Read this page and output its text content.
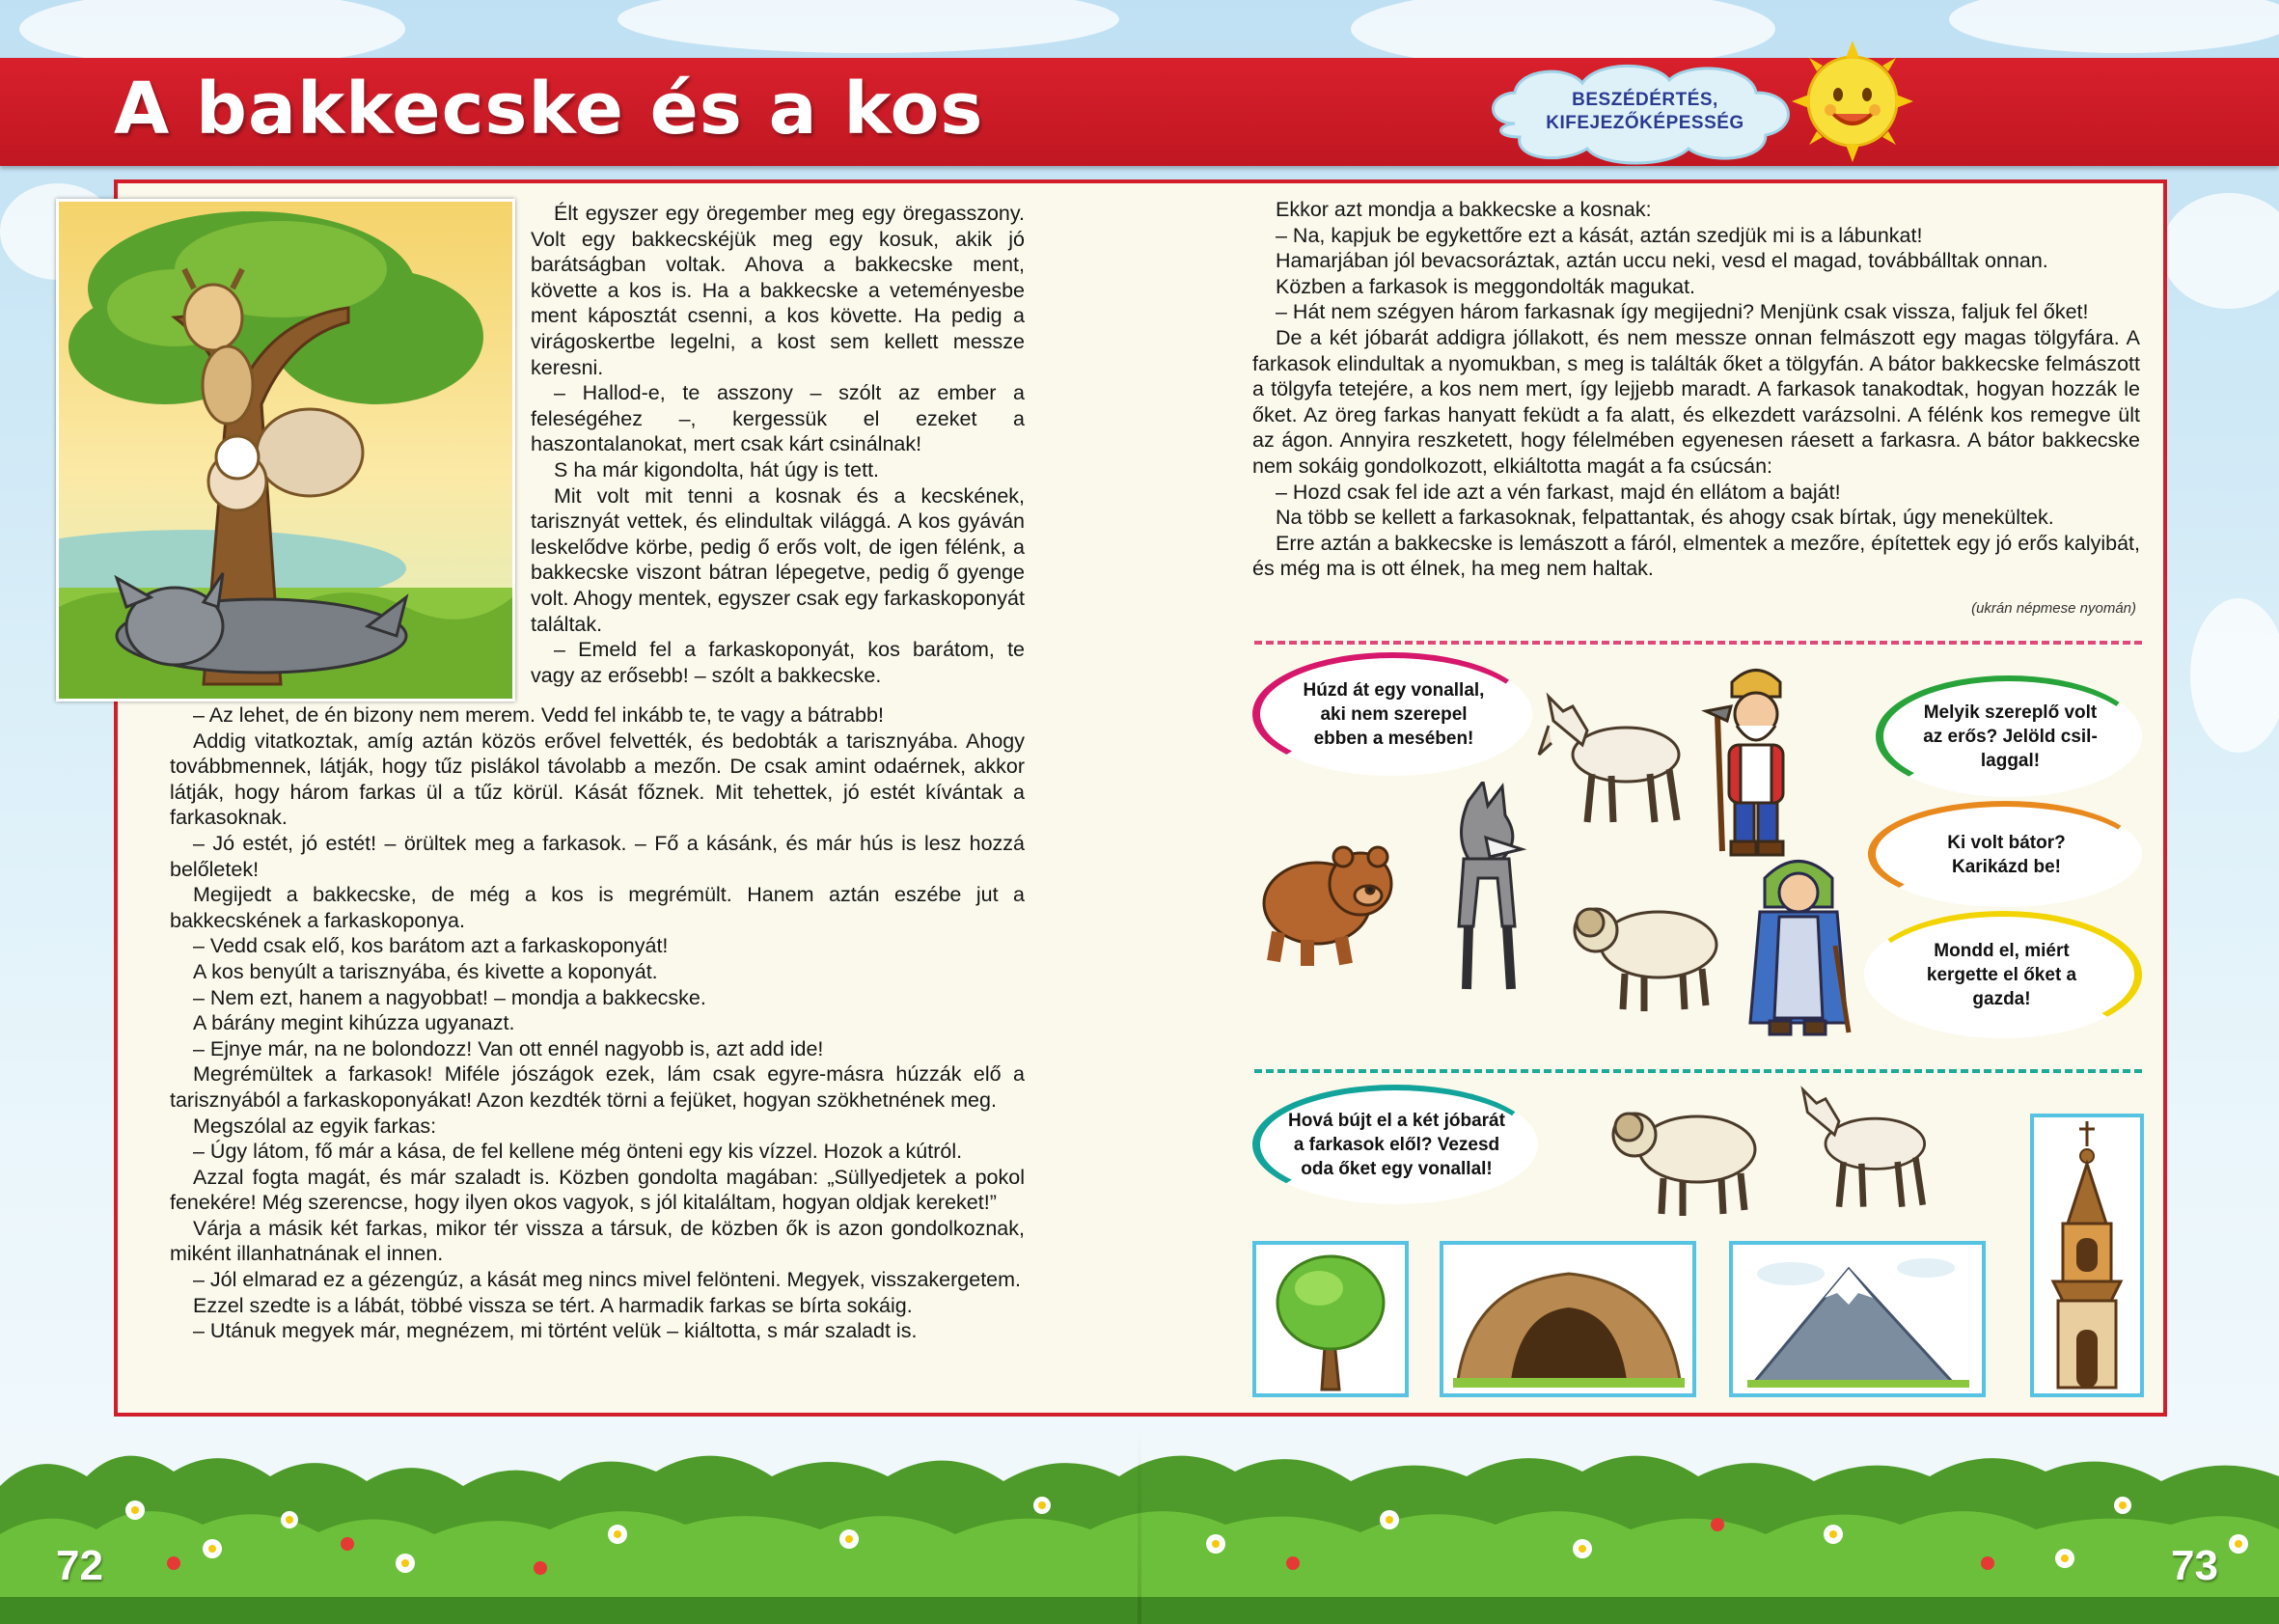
A bakkecske és a kos	BESZÉDÉRTÉS,
KIFEJEZŐKÉPESSÉG

Élt egyszer egy öregember meg egy öregasszony. Volt egy bakkecskéjük meg egy kosuk, akik jó barátságban voltak. Ahova a bakkecske ment, követte a kos is. Ha a bakkecske a veteményesbe ment káposztát csenni, a kos követte. Ha pedig a virágoskertbe legelni, a kost sem kellett messze keresni.

– Hallod-e, te asszony – szólt az ember a feleségéhez –, kergessük el ezeket a haszontalanokat, mert csak kárt csinálnak!

S ha már kigondolta, hát úgy is tett.

Mit volt mit tenni a kosnak és a kecskének, tarisznyát vettek, és elindultak világgá. A kos gyáván leskelődve körbe, pedig ő erős volt, de igen félénk, a bakkecske viszont bátran lépegetve, pedig ő gyenge volt. Ahogy mentek, egyszer csak egy farkaskoponyát találtak.

– Emeld fel a farkaskoponyát, kos barátom, te vagy az erősebb! – szólt a bakkecske.

– Az lehet, de én bizony nem merem. Vedd fel inkább te, te vagy a bátrabb!

Addig vitatkoztak, amíg aztán közös erővel felvették, és bedobták a tarisznyába. Ahogy továbbmennek, látják, hogy tűz pislákol távolabb a mezőn. De csak amint odaérnek, akkor látják, hogy három farkas ül a tűz körül. Kását főznek. Mit tehettek, jó estét kívántak a farkasoknak.

– Jó estét, jó estét! – örültek meg a farkasok. – Fő a kásánk, és már hús is lesz hozzá belőletek!

Megijedt a bakkecske, de még a kos is megrémült. Hanem aztán eszébe jut a bakkecskének a farkaskoponya.

– Vedd csak elő, kos barátom azt a farkaskoponyát!

A kos benyúlt a tarisznyába, és kivette a koponyát.

– Nem ezt, hanem a nagyobbat! – mondja a bakkecske.

A bárány megint kihúzza ugyanazt.

– Ejnye már, na ne bolondozz! Van ott ennél nagyobb is, azt add ide!

Megrémültek a farkasok! Miféle jószágok ezek, lám csak egyre-másra húzzák elő a tarisznyából a farkaskoponyákat! Azon kezdték törni a fejüket, hogyan szökhetnének meg.

Megszólal az egyik farkas:

– Úgy látom, fő már a kása, de fel kellene még önteni egy kis vízzel. Hozok a kútról.

Azzal fogta magát, és már szaladt is. Közben gondolta magában: „Süllyedjetek a pokol fenekére! Még szerencse, hogy ilyen okos vagyok, s jól kitaláltam, hogyan oldjak kereket!”

Várja a másik két farkas, mikor tér vissza a társuk, de közben ők is azon gondolkoznak, miként illanhatnának el innen.

– Jól elmarad ez a gézengúz, a kását meg nincs mivel felönteni. Megyek, visszakergetem.

Ezzel szedte is a lábát, többé vissza se tért. A harmadik farkas se bírta sokáig.

– Utánuk megyek már, megnézem, mi történt velük – kiáltotta, s már szaladt is.

Ekkor azt mondja a bakkecske a kosnak:

– Na, kapjuk be egykettőre ezt a kását, aztán szedjük mi is a lábunkat!

Hamarjában jól bevacsoráztak, aztán uccu neki, vesd el magad, továbbálltak onnan.

Közben a farkasok is meggondolták magukat.

– Hát nem szégyen három farkasnak így megijedni? Menjünk csak vissza, faljuk fel őket!

De a két jóbarát addigra jóllakott, és nem messze onnan felmászott egy magas tölgyfára. A farkasok elindultak a nyomukban, s meg is találták őket a tölgyfán. A bátor bakkecske felmászott a tölgyfa tetejére, a kos nem mert, így lejjebb maradt. A farkasok tanakodtak, hogyan hozzák le őket. Az öreg farkas hanyatt feküdt a fa alatt, és elkezdett varázsolni. A félénk kos remegve ült az ágon. Annyira reszketett, hogy félelmében egyenesen ráesett a farkasra. A bátor bakkecske nem sokáig gondolkozott, elkiáltotta magát a fa csúcsán:

– Hozd csak fel ide azt a vén farkast, majd én ellátom a baját!

Na több se kellett a farkasoknak, felpattantak, és ahogy csak bírtak, úgy menekültek.

Erre aztán a bakkecske is lemászott a fáról, elmentek a mezőre, építettek egy jó erős kalyibát, és még ma is ott élnek, ha meg nem haltak.

(ukrán népmese nyomán)
Húzd át egy vonallal,
aki nem szerepel
ebben a mesében!
Melyik szereplő volt
az erős? Jelöld csil-
laggal!
Ki volt bátor?
Karikázd be!
Mondd el, miért
kergette el őket a
gazda!
Hová bújt el a két jóbarát
a farkasok elől? Vezesd
oda őket egy vonallal!
72	73
